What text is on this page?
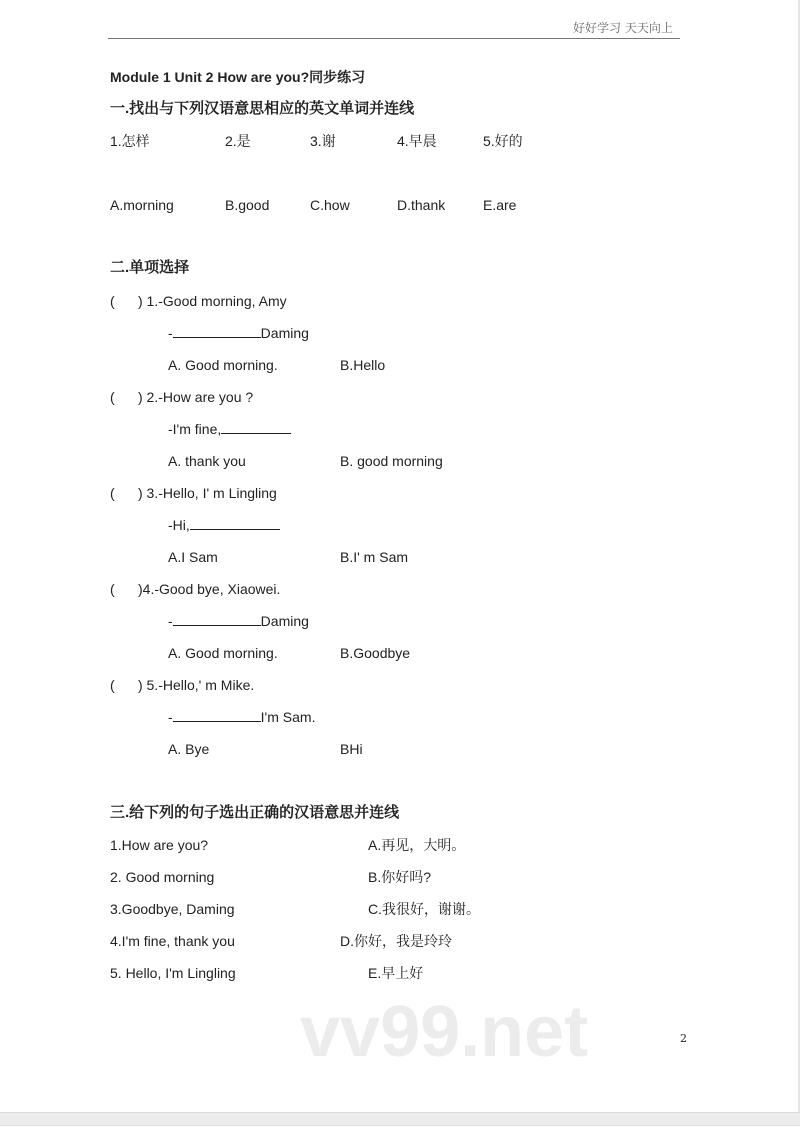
好好学习 天天向上
Module 1 Unit 2 How are you?同步练习
一.找出与下列汉语意思相应的英文单词并连线
1.怎样	2.是	3.谢	4.早晨	5.好的
A.morning	B.good	C.how	D.thank	E.are
二.单项选择
( ) 1.-Good morning, Amy
-	Daming
A. Good morning.	B.Hello
( ) 2.-How are you ?
-I'm fine,
A. thank you	B. good morning
( ) 3.-Hello, I' m Lingling
-Hi,
A.I Sam	B.I' m Sam
( )4.-Good bye, Xiaowei.
-	Daming
A. Good morning.	B.Goodbye
( ) 5.-Hello,' m Mike.
-	I'm Sam.
A. Bye	BHi
三.给下列的句子选出正确的汉语意思并连线
1.How are you?	A.再见，大明。
2. Good morning	B.你好吗?
3.Goodbye, Daming	C.我很好，谢谢。
4.I'm fine, thank you	D.你好，我是玲玲
5. Hello, I'm Lingling	E.早上好
vv99.net	2
